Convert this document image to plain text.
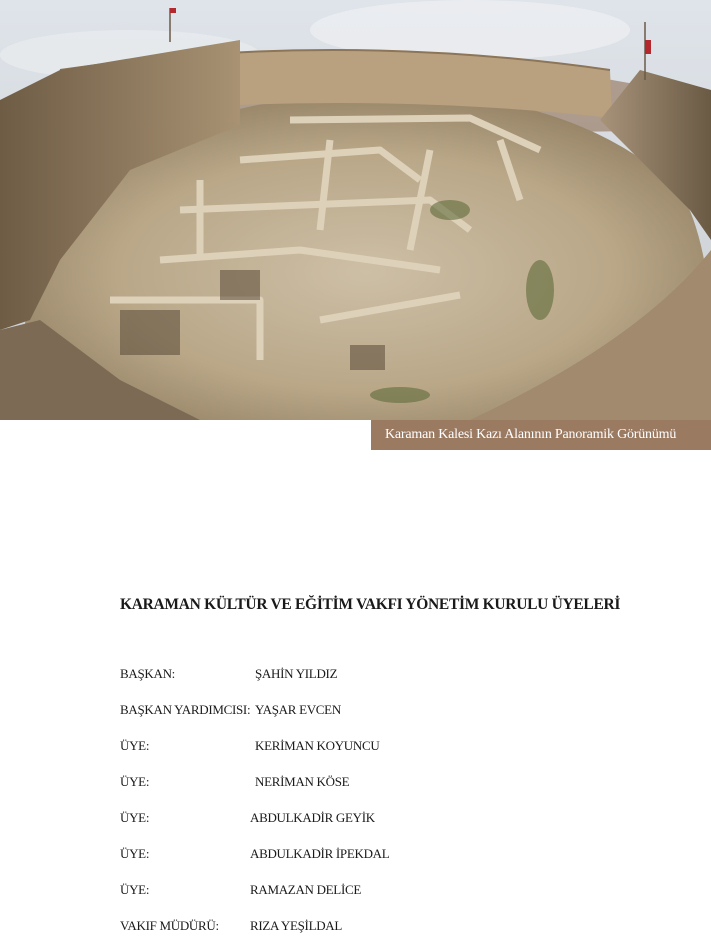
Karaman Kalesi Kazı Alanının Panoramik Görünümü
KARAMAN KÜLTÜR VE EĞİTİM VAKFI YÖNETİM KURULU ÜYELERİ
BAŞKAN:	ŞAHİN YILDIZ
BAŞKAN YARDIMCISI: YAŞAR EVCEN
ÜYE:	KERİMAN KOYUNCU
ÜYE:	NERİMAN KÖSE
ÜYE:	ABDULKADİR GEYİK
ÜYE:	ABDULKADİR İPEKDAL
ÜYE:	RAMAZAN DELİCE
VAKIF MÜDÜRÜ: RIZA YEŞİLDAL
